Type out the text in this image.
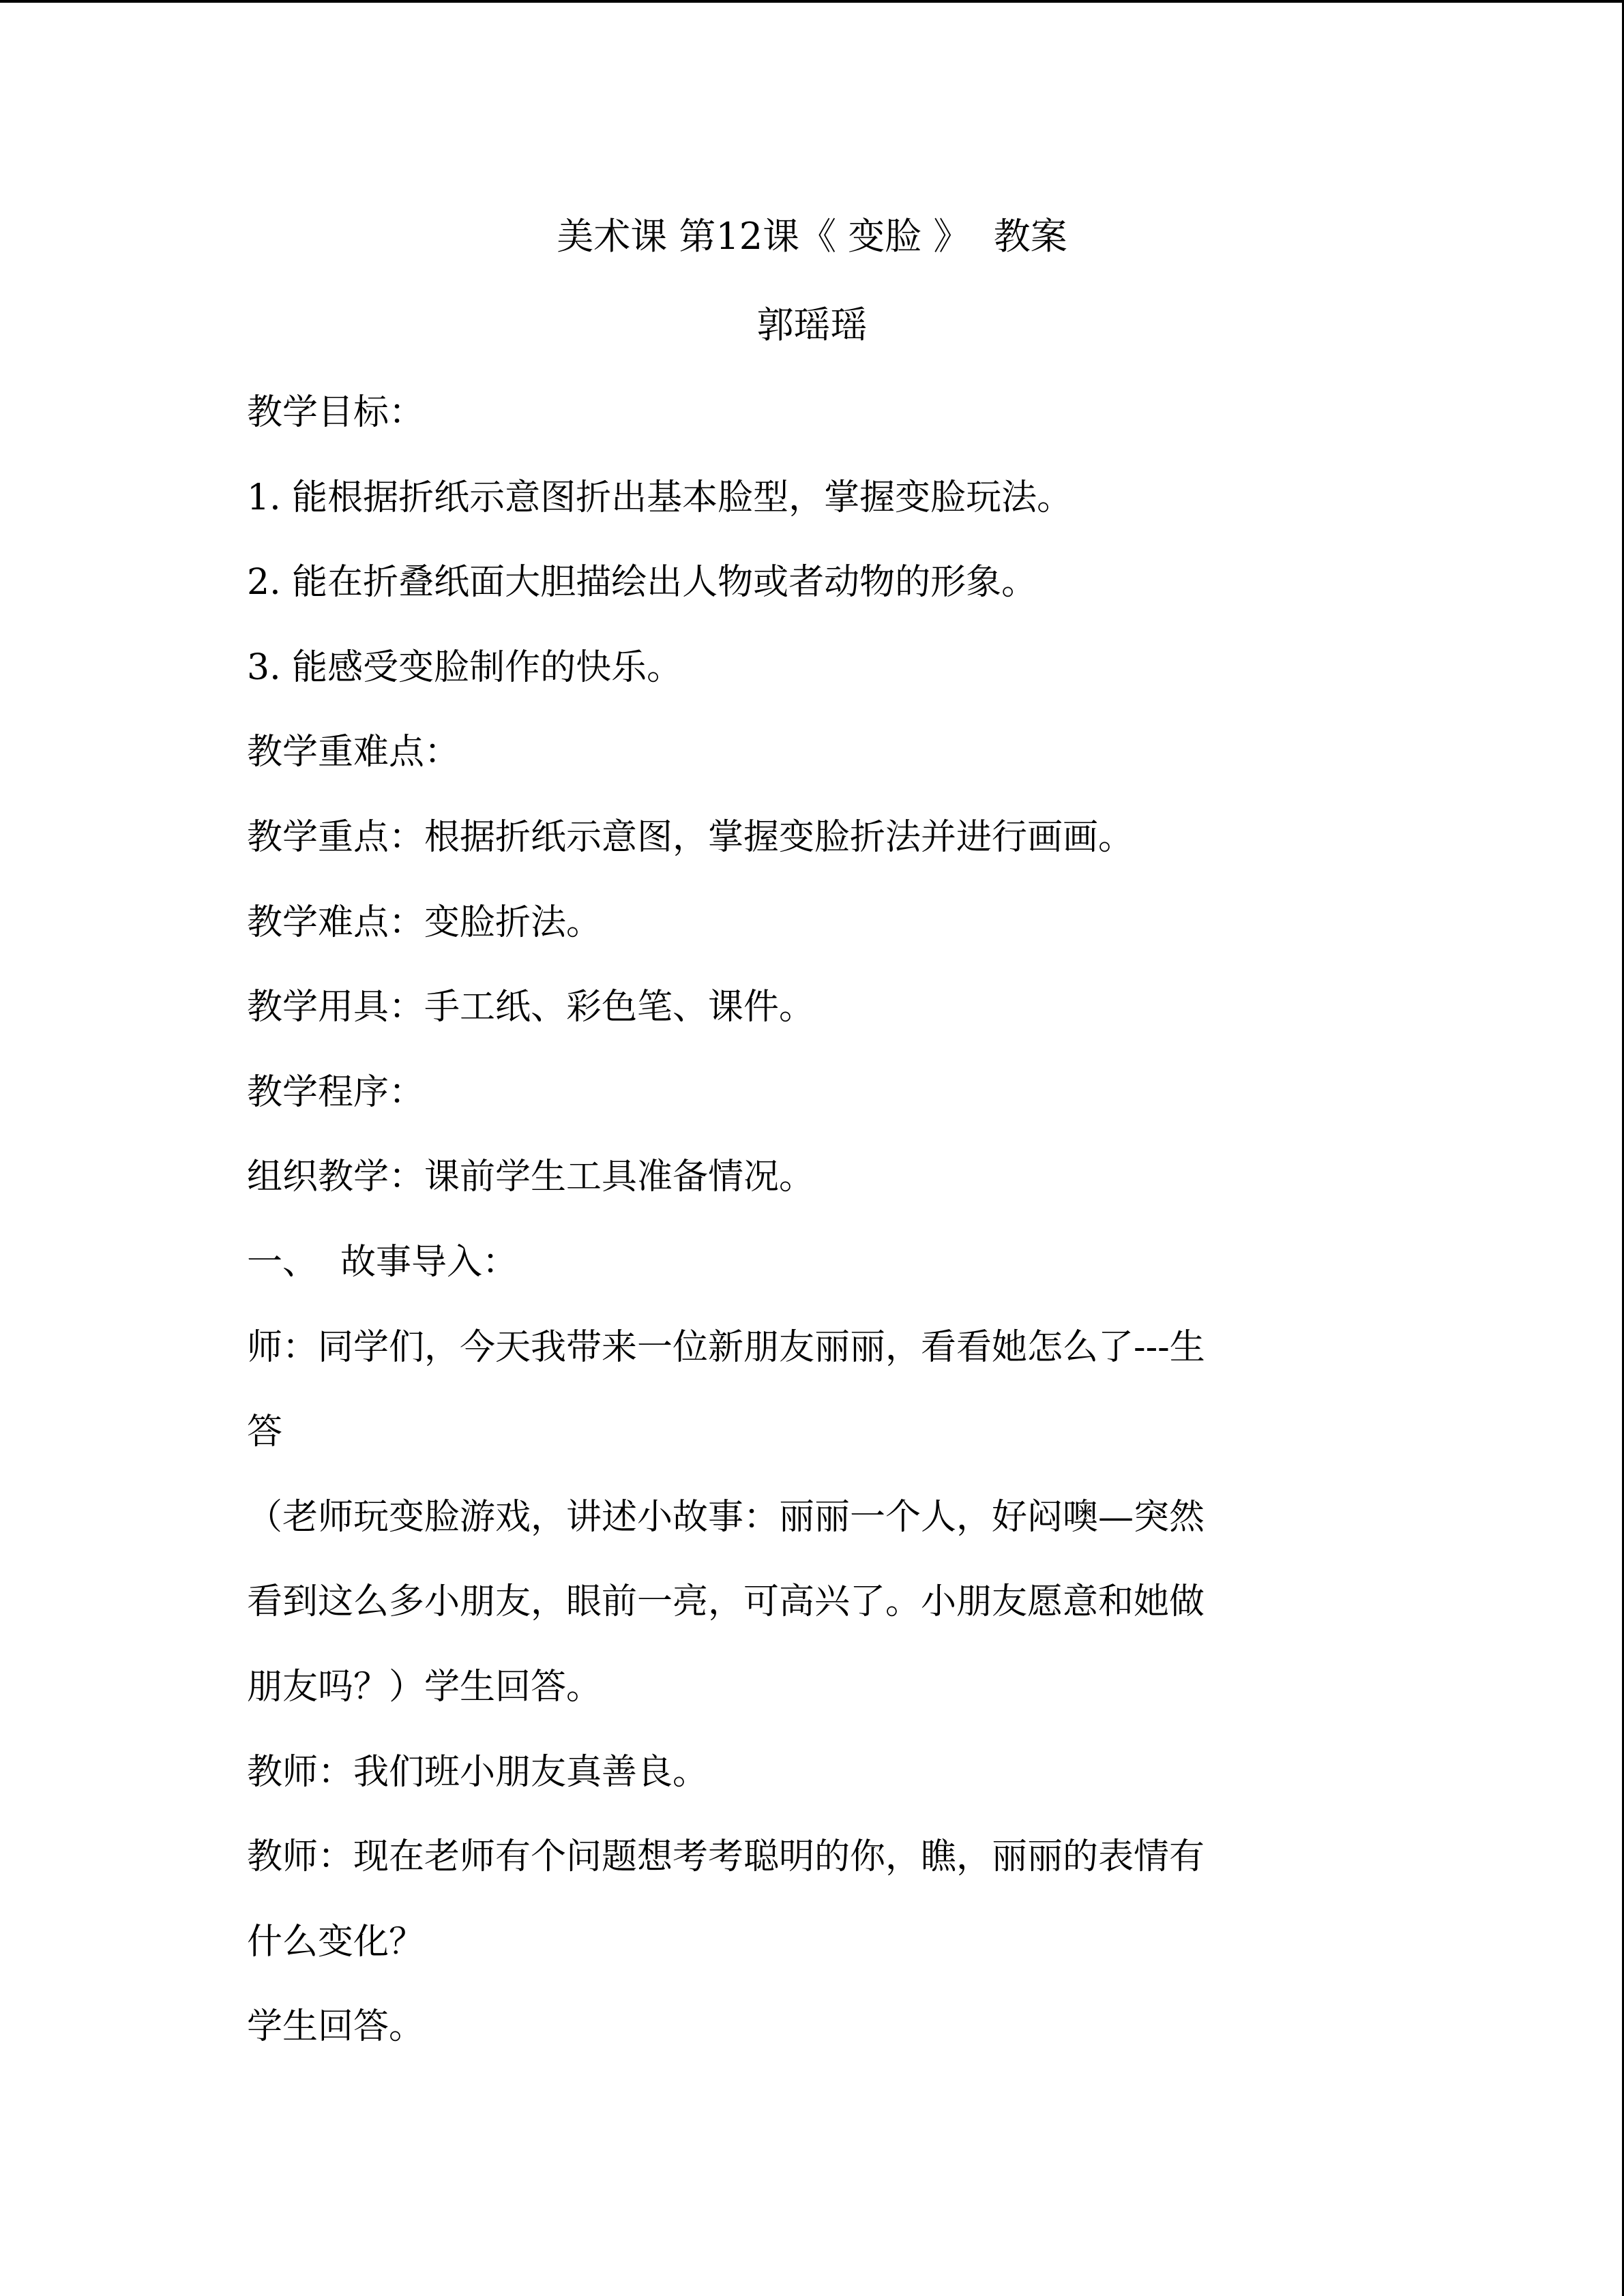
美术课 第12课《 变脸 》  教案
郭瑶瑶
教学目标：
1. 能根据折纸示意图折出基本脸型，掌握变脸玩法。
2. 能在折叠纸面大胆描绘出人物或者动物的形象。
3. 能感受变脸制作的快乐。
教学重难点：
教学重点：根据折纸示意图，掌握变脸折法并进行画画。
教学难点：变脸折法。
教学用具：手工纸、彩色笔、课件。
教学程序：
组织教学：课前学生工具准备情况。
一、  故事导入：
师：同学们，今天我带来一位新朋友丽丽，看看她怎么了---生
答
（老师玩变脸游戏，讲述小故事：丽丽一个人，好闷噢—突然
看到这么多小朋友，眼前一亮，可高兴了。小朋友愿意和她做
朋友吗？）学生回答。
教师：我们班小朋友真善良。
教师：现在老师有个问题想考考聪明的你，瞧，丽丽的表情有
什么变化？
学生回答。
